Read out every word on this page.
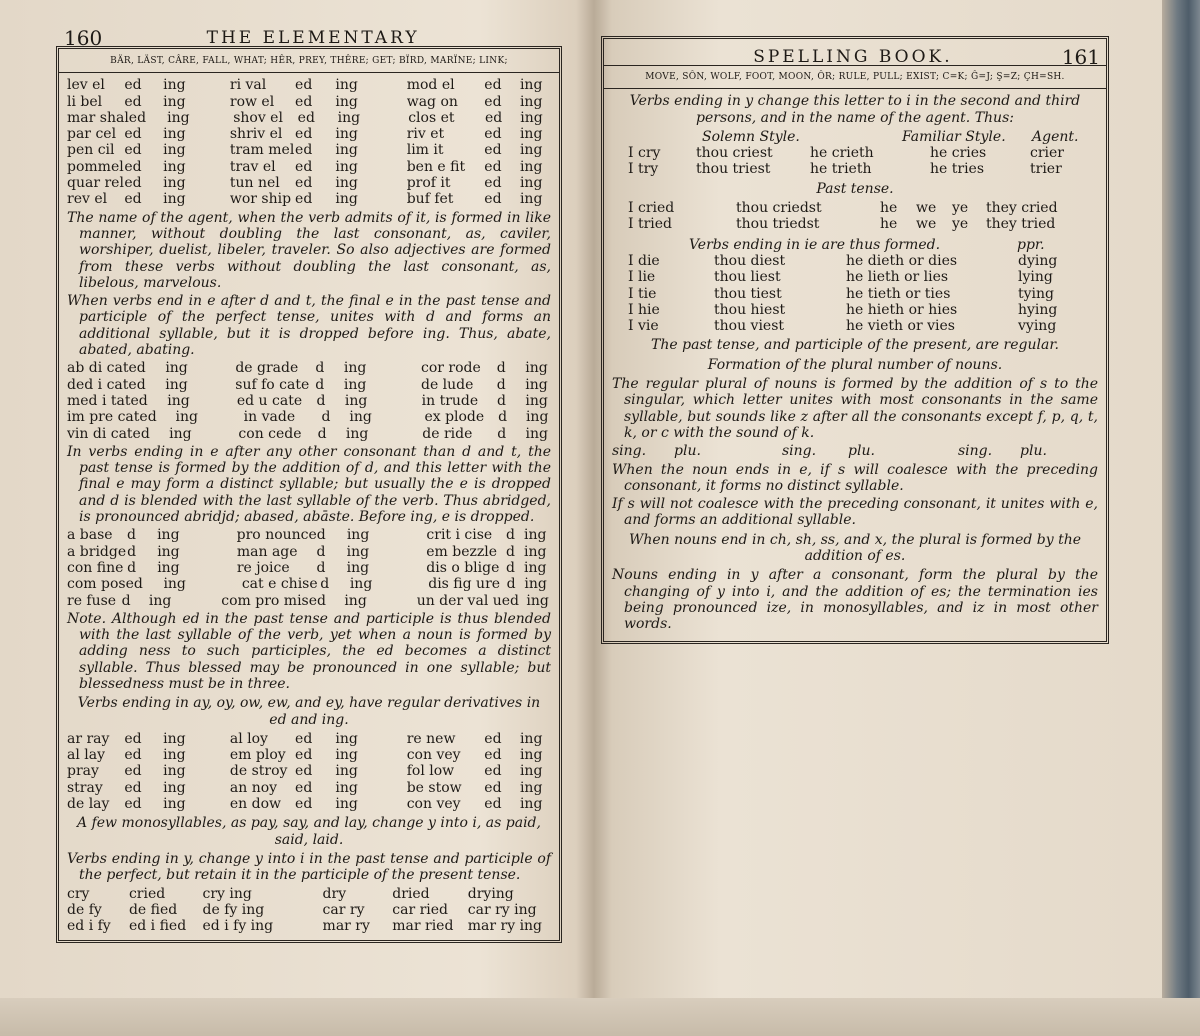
160	THE ELEMENTARY
BÄR, LÄST, CÂRE, FALL, WHAT; HÊR, PREY, THÊRE; GET; BÏRD, MARÏNE; LINK;
lev el	ed	ing	ri val	ed	ing	mod el	ed	ing
li bel	ed	ing	row el	ed	ing	wag on	ed	ing
mar shal ed	ing	shov el	ed	ing	clos et	ed	ing
par cel ed	ing	shriv el ed	ing	riv et	ed	ing
pen cil ed	ing	tram mel ed	ing	lim it	ed	ing
pommel ed	ing	trav el	ed	ing	ben e fit	ed	ing
quar rel ed	ing	tun nel	ed	ing	prof it	ed	ing
rev el	ed	ing	wor ship ed	ing	buf fet	ed	ing

The name of the agent, when the verb admits of it, is formed in like manner, without doubling the last consonant, as, caviler, worshiper, duelist, libeler, traveler. So also adjectives are formed from these verbs without doubling the last consonant, as, libelous, marvelous.

When verbs end in e after d and t, the final e in the past tense and participle of the perfect tense, unites with d and forms an additional syllable, but it is dropped before ing. Thus, abate, abated, abating.

ab di cate d	ing	de grade	d	ing	cor rode	d	ing
ded i cate d	ing	suf fo cate d	ing	de lude	d	ing
med i tate d	ing	ed u cate	d	ing	in trude	d	ing
im pre cate d	ing	in vade	d	ing	ex plode d	ing
vin di cate d	ing	con cede	d	ing	de ride	d	ing

In verbs ending in e after any other consonant than d and t, the past tense is formed by the addition of d, and this letter with the final e may form a distinct syllable; but usually the e is dropped and d is blended with the last syllable of the verb. Thus abridged, is pronounced abridjd; abased, abāste. Before ing, e is dropped.

a base	d	ing	pro nounce d	ing	crit i cise d ing
a bridge d	ing	man age	d	ing	em bezzle d ing
con fine d	ing	re joice	d	ing	dis o blige d ing
com pose d	ing	cat e chise d	ing	dis fig ure d ing
re fuse d	ing	com pro mise d	ing	un der val ue d ing

Note. Although ed in the past tense and participle is thus blended with the last syllable of the verb, yet when a noun is formed by adding ness to such participles, the ed becomes a distinct syllable. Thus blessed may be pronounced in one syllable; but blessedness must be in three.

Verbs ending in ay, oy, ow, ew, and ey, have regular derivatives in ed and ing.

ar ray	ed	ing	al loy	ed	ing	re new	ed	ing
al lay	ed	ing	em ploy ed	ing	con vey	ed	ing
pray	ed	ing	de stroy ed	ing	fol low	ed	ing
stray	ed	ing	an noy	ed	ing	be stow	ed	ing
de lay	ed	ing	en dow	ed	ing	con vey	ed	ing

A few monosyllables, as pay, say, and lay, change y into i, as paid, said, laid.

Verbs ending in y, change y into i in the past tense and participle of the perfect, but retain it in the participle of the present tense.

cry	cried	cry ing	dry	dried	drying
de fy	de fied	de fy ing	car ry	car ried	car ry ing
ed i fy	ed i fied	ed i fy ing	mar ry	mar ried	mar ry ing
SPELLING BOOK.	161
MOVE, SÔN, WOLF, FOOT, MOON, ÔR; RULE, PULL; EXIST; C=K; Ĝ=J; Ş=Z; ÇH=SH.

Verbs ending in y change this letter to i in the second and third persons, and in the name of the agent. Thus:

Solemn Style.	Familiar Style.	Agent.
I cry	thou criest	he crieth	he cries	crier
I try	thou triest	he trieth	he tries	trier

Past tense.

I cried	thou criedst	he	we	ye	they cried
I tried	thou triedst	he	we	ye	they tried
Verbs ending in ie are thus formed.	ppr.
I die	thou diest	he dieth or dies	dying
I lie	thou liest	he lieth or lies	lying
I tie	thou tiest	he tieth or ties	tying
I hie	thou hiest	he hieth or hies	hying
I vie	thou viest	he vieth or vies	vying

The past tense, and participle of the present, are regular.

Formation of the plural number of nouns.

The regular plural of nouns is formed by the addition of s to the singular, which letter unites with most consonants in the same syllable, but sounds like z after all the consonants except f, p, q, t, k, or c with the sound of k.

sing.	plu.	sing.	plu.	sing.	plu.

When the noun ends in e, if s will coalesce with the preceding consonant, it forms no distinct syllable.

If s will not coalesce with the preceding consonant, it unites with e, and forms an additional syllable.

When nouns end in ch, sh, ss, and x, the plural is formed by the addition of es.

Nouns ending in y after a consonant, form the plural by the changing of y into i, and the addition of es; the termination ies being pronounced ize, in monosyllables, and iz in most other words.
